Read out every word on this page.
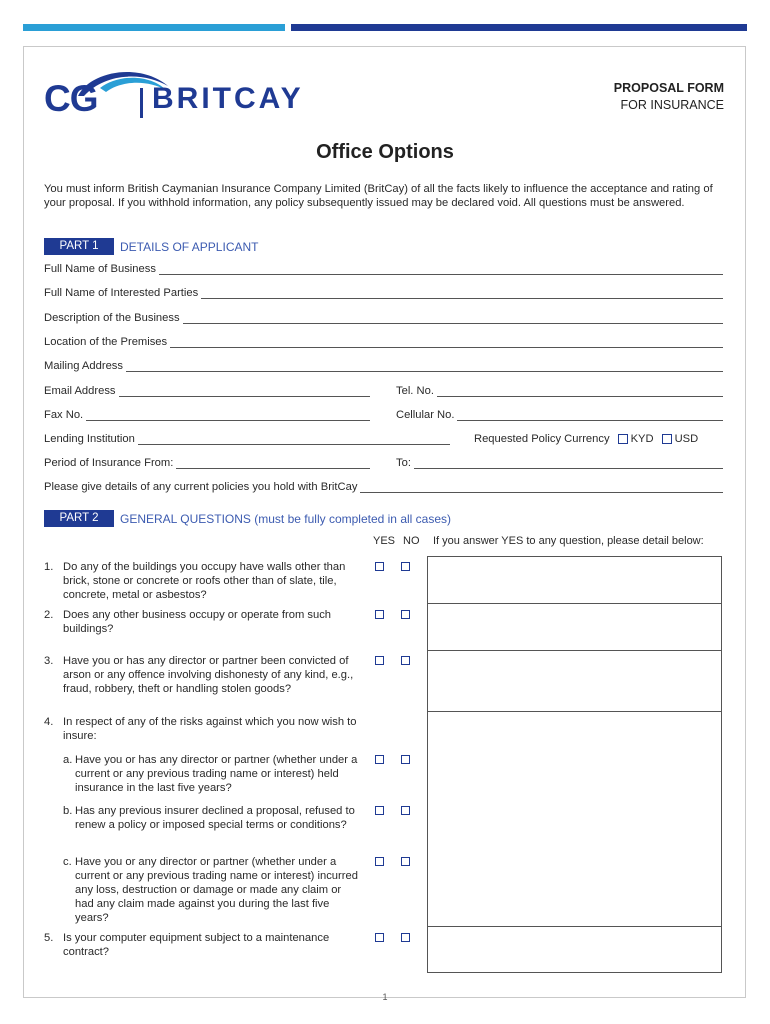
CG BRITCAY	PROPOSAL FORM
FOR INSURANCE
Office Options
You must inform British Caymanian Insurance Company Limited (BritCay) of all the facts likely to influence the acceptance and rating of your proposal. If you withhold information, any policy subsequently issued may be declared void. All questions must be answered.
PART 1	DETAILS OF APPLICANT
Full Name of Business
Full Name of Interested Parties
Description of the Business
Location of the Premises
Mailing Address
Email Address	Tel. No.
Fax No.	Cellular No.
Lending Institution	Requested Policy Currency KYD USD
Period of Insurance From:	To:
Please give details of any current policies you hold with BritCay
PART 2	GENERAL QUESTIONS (must be fully completed in all cases)
YES NO If you answer YES to any question, please detail below:
1. Do any of the buildings you occupy have walls other than brick, stone or concrete or roofs other than of slate, tile, concrete, metal or asbestos?
2. Does any other business occupy or operate from such buildings?
3. Have you or has any director or partner been convicted of arson or any offence involving dishonesty of any kind, e.g., fraud, robbery, theft or handling stolen goods?
4. In respect of any of the risks against which you now wish to insure:
a. Have you or has any director or partner (whether under a current or any previous trading name or interest) held insurance in the last five years?
b. Has any previous insurer declined a proposal, refused to renew a policy or imposed special terms or conditions?
c. Have you or any director or partner (whether under a current or any previous trading name or interest) incurred any loss, destruction or damage or made any claim or had any claim made against you during the last five years?
5. Is your computer equipment subject to a maintenance contract?
1
